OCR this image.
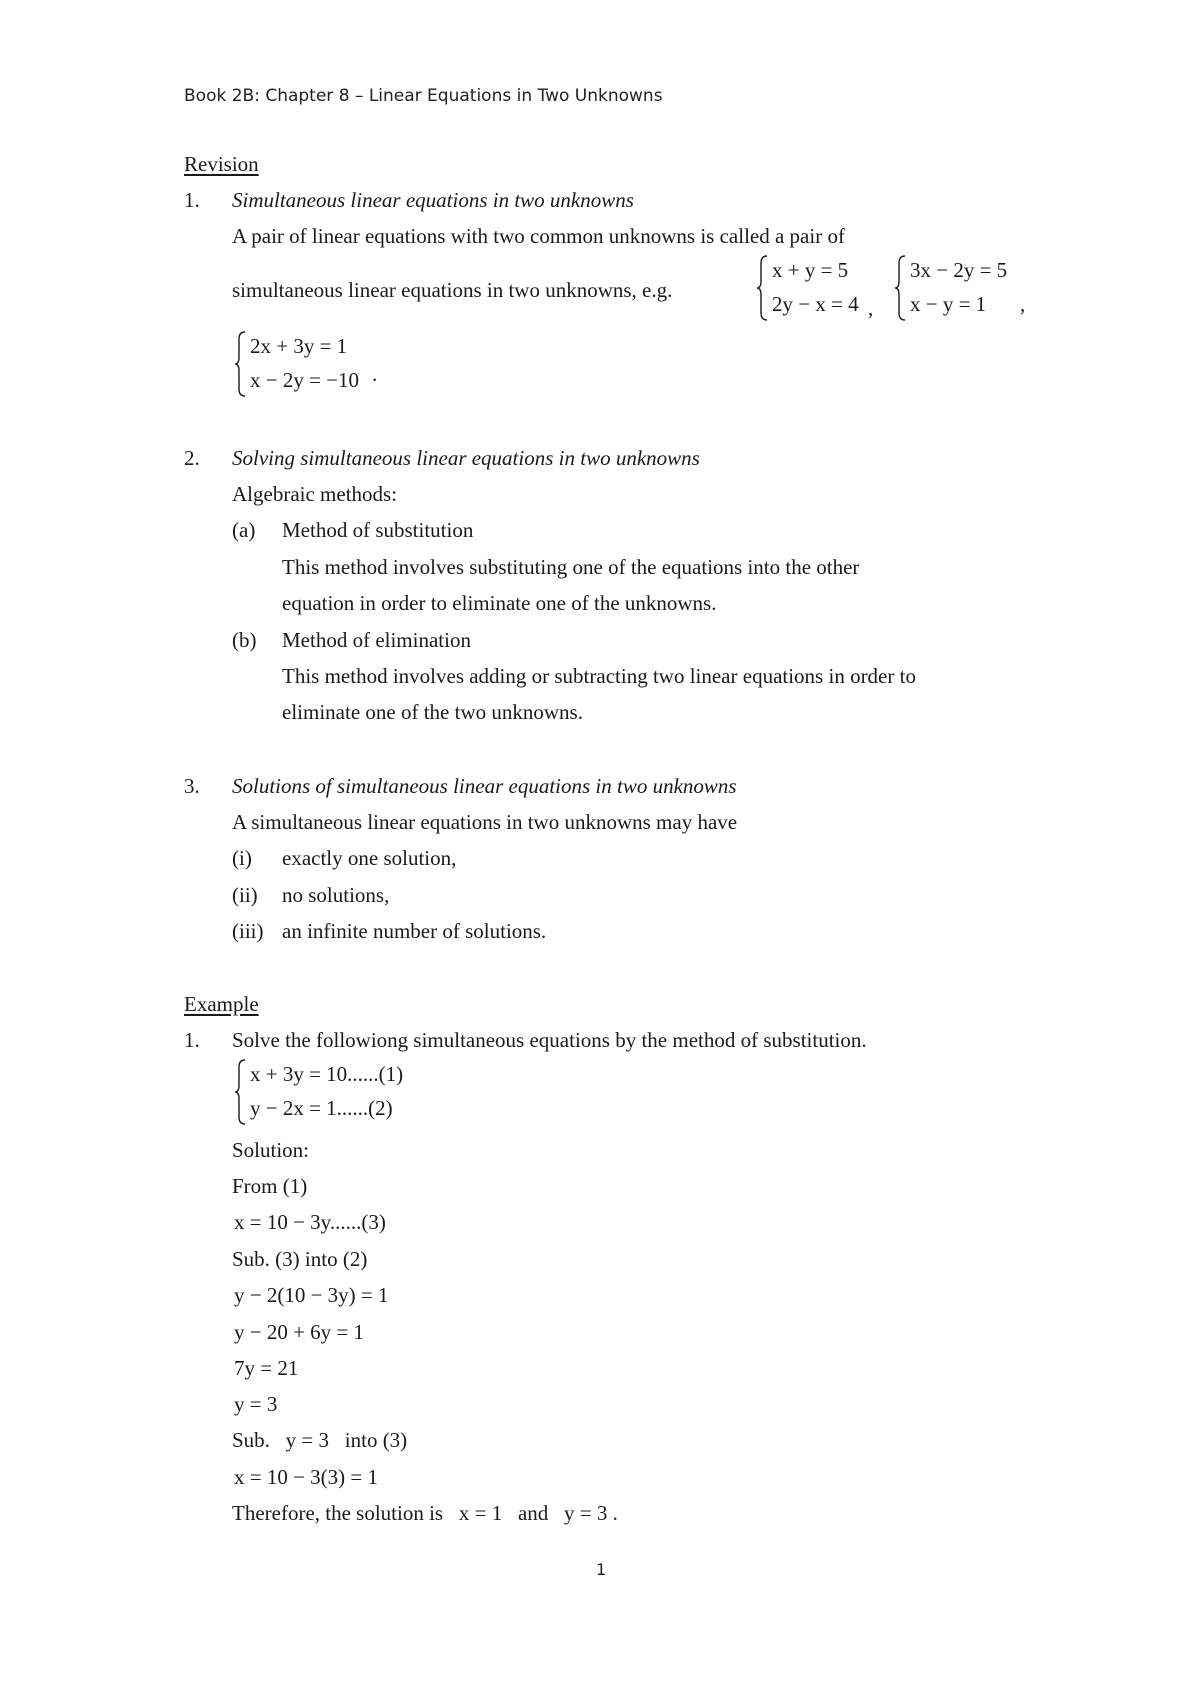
Book 2B: Chapter 8 – Linear Equations in Two Unknowns
Revision
1.	Simultaneous linear equations in two unknowns
A pair of linear equations with two common unknowns is called a pair of
simultaneous linear equations in two unknowns, e.g.
x + y = 5
2y − x = 4 ,
3x − 2y = 5
x − y = 1 ,
2x + 3y = 1
x − 2y = −10 .
2.	Solving simultaneous linear equations in two unknowns
Algebraic methods:
(a) Method of substitution
This method involves substituting one of the equations into the other
equation in order to eliminate one of the unknowns.
(b) Method of elimination
This method involves adding or subtracting two linear equations in order to
eliminate one of the two unknowns.
3.	Solutions of simultaneous linear equations in two unknowns
A simultaneous linear equations in two unknowns may have
(i) exactly one solution,
(ii) no solutions,
(iii) an infinite number of solutions.
Example
1.	Solve the followiong simultaneous equations by the method of substitution.
x + 3y = 10......(1)
y − 2x = 1......(2)
Solution:
From (1)
x = 10 − 3y......(3)
Sub. (3) into (2)
y − 2(10 − 3y) = 1
y − 20 + 6y = 1
7y = 21
y = 3
Sub.   y = 3   into (3)
x = 10 − 3(3) = 1
Therefore, the solution is   x = 1   and   y = 3 .
1
